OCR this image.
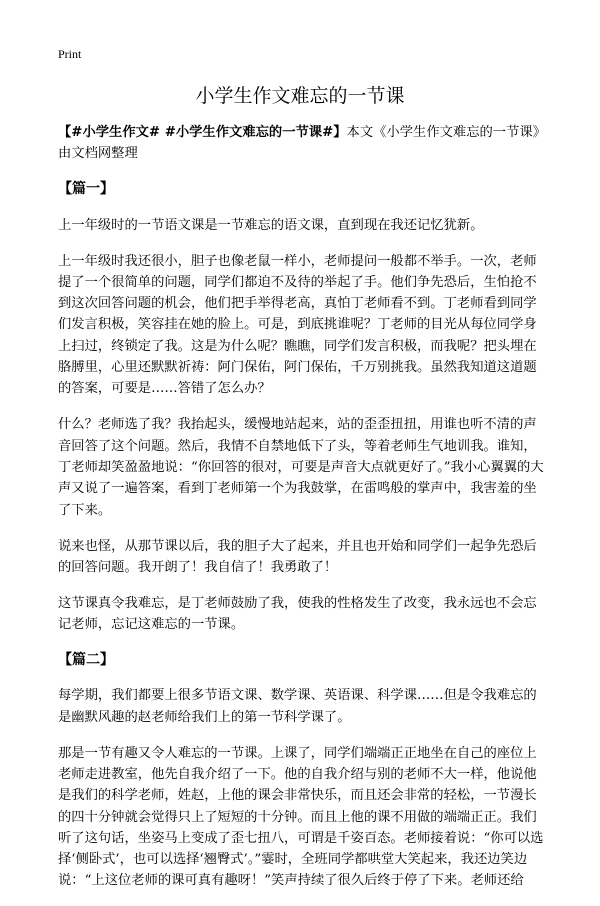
Print
小学生作文难忘的一节课

【#小学生作文# #小学生作文难忘的一节课#】本文《小学生作文难忘的一节课》由文档网整理

【篇一】

上一年级时的一节语文课是一节难忘的语文课，直到现在我还记忆犹新。

上一年级时我还很小，胆子也像老鼠一样小，老师提问一般都不举手。一次，老师提了一个很简单的问题，同学们都迫不及待的举起了手。他们争先恐后，生怕抢不到这次回答问题的机会，他们把手举得老高，真怕丁老师看不到。丁老师看到同学们发言积极，笑容挂在她的脸上。可是，到底挑谁呢？丁老师的目光从每位同学身上扫过，终锁定了我。这是为什么呢？瞧瞧，同学们发言积极，而我呢？把头埋在胳膊里，心里还默默祈祷：阿门保佑，阿门保佑，千万别挑我。虽然我知道这道题的答案，可要是……答错了怎么办？

什么？老师选了我？我抬起头，缓慢地站起来，站的歪歪扭扭，用谁也听不清的声音回答了这个问题。然后，我情不自禁地低下了头，等着老师生气地训我。谁知，丁老师却笑盈盈地说：“你回答的很对，可要是声音大点就更好了。”我小心翼翼的大声又说了一遍答案，看到丁老师第一个为我鼓掌，在雷鸣般的掌声中，我害羞的坐了下来。

说来也怪，从那节课以后，我的胆子大了起来，并且也开始和同学们一起争先恐后的回答问题。我开朗了！我自信了！我勇敢了！

这节课真令我难忘，是丁老师鼓励了我，使我的性格发生了改变，我永远也不会忘记老师，忘记这难忘的一节课。

【篇二】

每学期，我们都要上很多节语文课、数学课、英语课、科学课……但是令我难忘的是幽默风趣的赵老师给我们上的第一节科学课了。

那是一节有趣又令人难忘的一节课。上课了，同学们端端正正地坐在自己的座位上老师走进教室，他先自我介绍了一下。他的自我介绍与别的老师不大一样，他说他是我们的科学老师，姓赵，上他的课会非常快乐，而且还会非常的轻松，一节漫长的四十分钟就会觉得只上了短短的十分钟。而且上他的课不用做的端端正正。我们听了这句话，坐姿马上变成了歪七扭八，可谓是千姿百态。老师接着说：“你可以选择‘侧卧式’，也可以选择‘翘臀式’。”霎时，全班同学都哄堂大笑起来，我还边笑边说：“上这位老师的课可真有趣呀！”笑声持续了很久后终于停了下来。老师还给
